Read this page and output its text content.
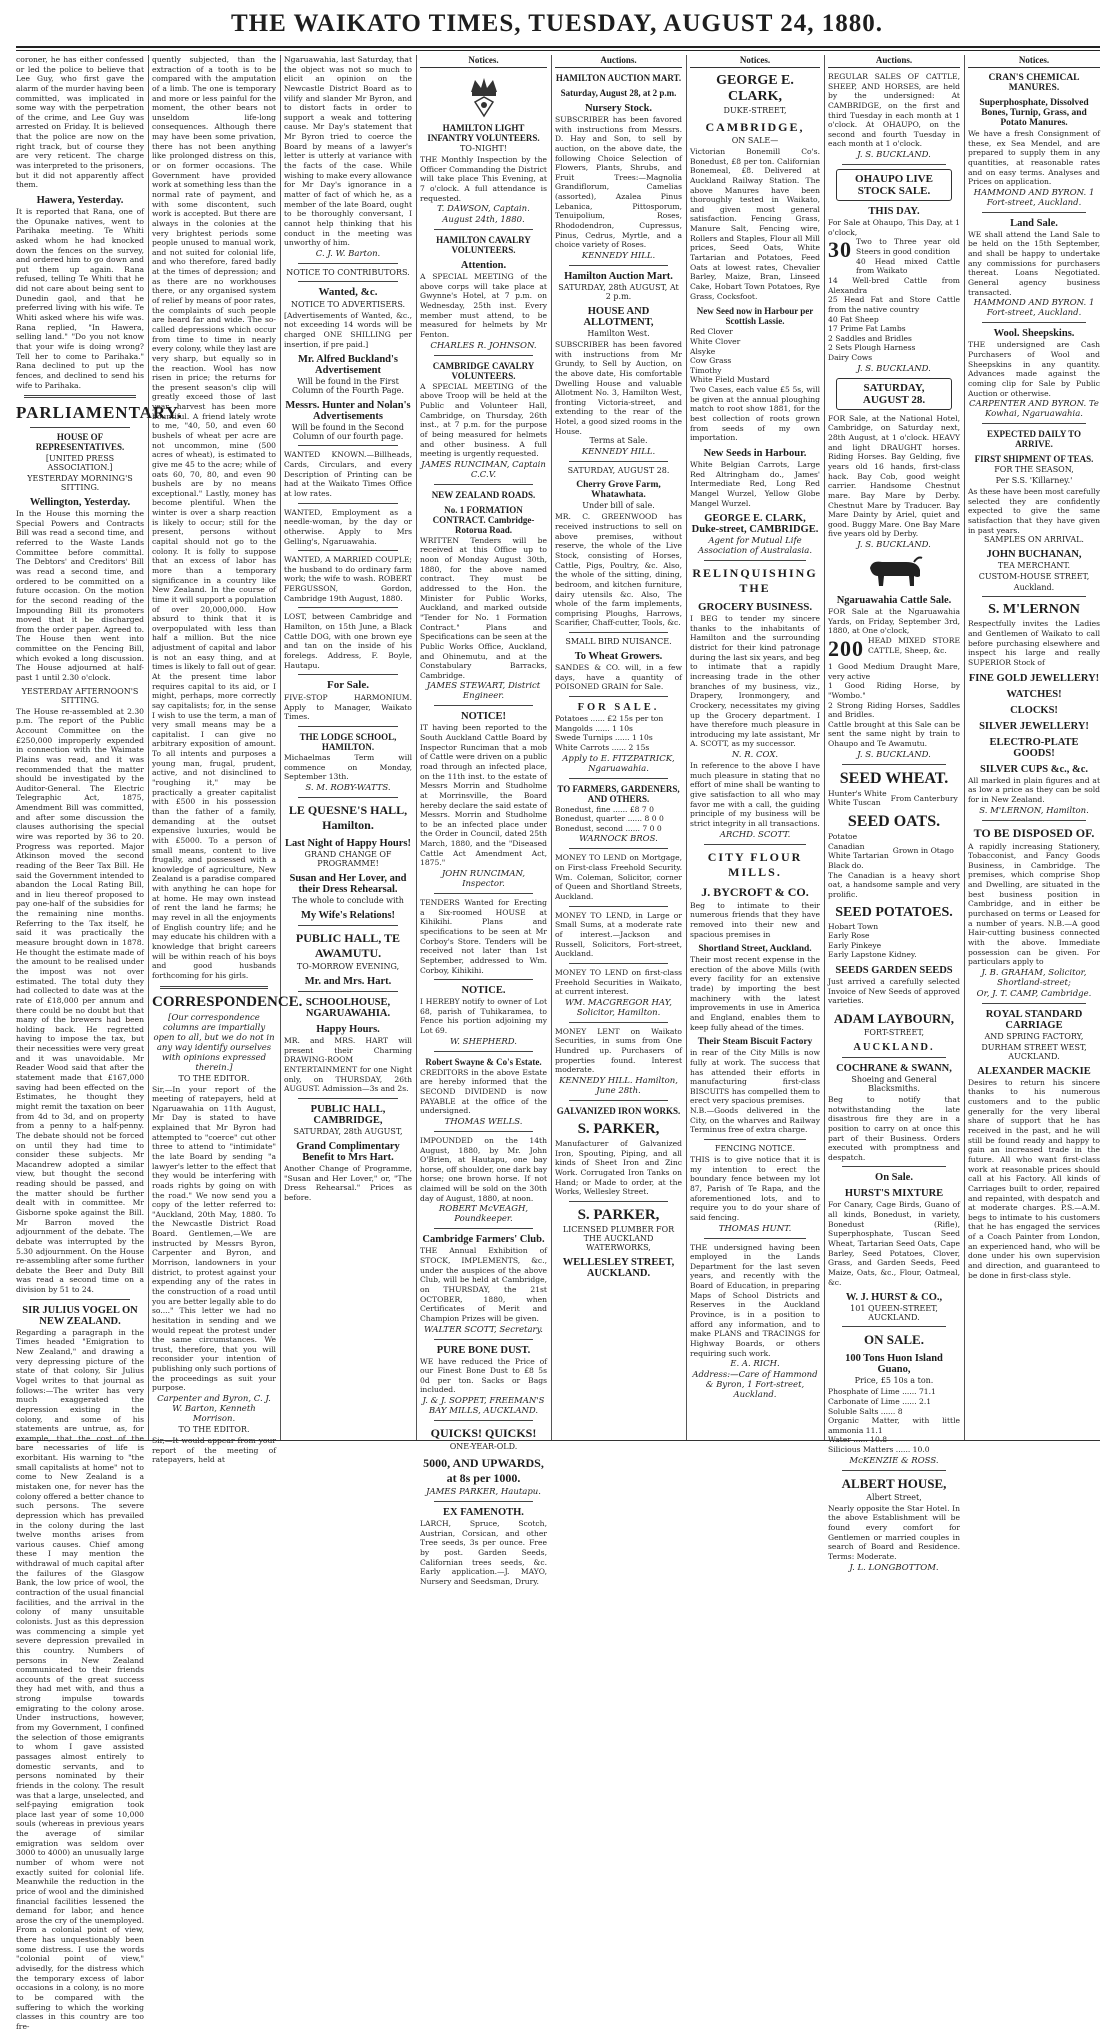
THE WAIKATO TIMES, TUESDAY, AUGUST 24, 1880.

coroner, he has either confessed or led the police to believe that Lee Guy, who first gave the alarm of the murder having been committed, was implicated in some way with the perpetration of the crime, and Lee Guy was arrested on Friday. It is believed that the police are now on the right track, but of course they are very reticent. The charge was interpreted to the prisoners, but it did not apparently affect them.

Hawera, Yesterday.

It is reported that Rana, one of the Opunake natives, went to Parihaka meeting. Te Whiti asked whom he had knocked down the fences on the survey, and ordered him to go down and put them up again. Rana refused, telling Te Whiti that he did not care about being sent to Dunedin gaol, and that he preferred living with his wife. Te Whiti asked where his wife was. Rana replied, "In Hawera, selling land." "Do you not know that your wife is doing wrong? Tell her to come to Parihaka." Rana declined to put up the fences, and declined to send his wife to Parihaka.

PARLIAMENTARY.
HOUSE OF REPRESENTATIVES.
[UNITED PRESS ASSOCIATION.]
YESTERDAY MORNING'S SITTING.
Wellington, Yesterday.

In the House this morning the Special Powers and Contracts Bill was read a second time, and referred to the Waste Lands Committee before committal. The Debtors' and Creditors' Bill was read a second time, and ordered to be committed on a future occasion. On the motion for the second reading of the Impounding Bill its promoters moved that it be discharged from the order paper. Agreed to. The House then went into committee on the Fencing Bill, which evoked a long discussion. The House adjourned at half-past 1 until 2.30 o'clock.

YESTERDAY AFTERNOON'S SITTING.

The House re-assembled at 2.30 p.m. The report of the Public Account Committee on the £250,000 improperly expended in connection with the Waimate Plains was read, and it was recommended that the matter should be investigated by the Auditor-General. The Electric Telegraphic Act, 1875, Amendment Bill was committed, and after some discussion the clauses authorising the special wire was reported by 36 to 20. Progress was reported. Major Atkinson moved the second reading of the Beer Tax Bill. He said the Government intended to abandon the Local Rating Bill, and in lieu thereof proposed to pay one-half of the subsidies for the remaining nine months. Referring to the Tax itself, he said it was practically the measure brought down in 1878. He thought the estimate made of the amount to be realised under the impost was not over estimated. The total duty they had collected to date was at the rate of £18,000 per annum and there could be no doubt but that many of the brewers had been holding back. He regretted having to impose the tax, but their necessities were very great and it was unavoidable. Mr Reader Wood said that after the statement made that £167,000 saving had been effected on the Estimates, he thought they might remit the taxation on beer from 4d to 3d, and on property from a penny to a half-penny. The debate should not be forced on until they had time to consider these subjects. Mr Macandrew adopted a similar view, but thought the second reading should be passed, and the matter should be further dealt with in committee. Mr Gisborne spoke against the Bill. Mr Barron moved the adjournment of the debate. The debate was interrupted by the 5.30 adjournment. On the House re-assembling after some further debate the Beer and Duty Bill was read a second time on a division by 51 to 24.

SIR JULIUS VOGEL ON NEW ZEALAND.

Regarding a paragraph in the Times headed "Emigration to New Zealand," and drawing a very depressing picture of the state of that colony, Sir Julius Vogel writes to that journal as follows:—The writer has very much exaggerated the depression existing in the colony, and some of his statements are untrue, as, for example, that the cost of the bare necessaries of life is exorbitant. His warning to "the small capitalists at home" not to come to New Zealand is a mistaken one, for never has the colony offered a better chance to such persons. The severe depression which has prevailed in the colony during the last twelve months arises from various causes. Chief among these I may mention the withdrawal of much capital after the failures of the Glasgow Bank, the low price of wool, the contraction of the usual financial facilities, and the arrival in the colony of many unsuitable colonists. Just as this depression was commencing a simple yet severe depression prevailed in this country. Numbers of persons in New Zealand communicated to their friends accounts of the great success they had met with, and thus a strong impulse towards emigrating to the colony arose. Under instructions, however, from my Government, I confined the selection of those emigrants to whom I gave assisted passages almost entirely to domestic servants, and to persons nominated by their friends in the colony. The result was that a large, unselected, and self-paying emigration took place last year of some 10,000 souls (whereas in previous years the average of similar emigration was seldom over 3000 to 4000) an unusually large number of whom were not exactly suited for colonial life. Meanwhile the reduction in the price of wool and the diminished financial facilities lessened the demand for labor, and hence arose the cry of the unemployed. From a colonial point of view, there has unquestionably been some distress. I use the words "colonial point of view," advisedly, for the distress which the temporary excess of labor occasions in a colony, is no more to be compared with the suffering to which the working classes in this country are too fre-

quently subjected, than the extraction of a tooth is to be compared with the amputation of a limb. The one is temporary and more or less painful for the moment, the other bears not unseldom life-long consequences. Although there may have been some privation, there has not been anything like prolonged distress on this, or on former occasions. The Government have provided work at something less than the normal rate of payment, and with some discontent, such work is accepted. But there are always in the colonies at the very brightest periods some people unused to manual work, and not suited for colonial life, and who therefore, fared badly at the times of depression; and as there are no workhouses there, or any organised system of relief by means of poor rates, the complaints of such people are heard far and wide. The so-called depressions which occur from time to time in nearly every colony, while they last are very sharp, but equally so in the reaction. Wool has now risen in price; the returns for the present season's clip will greatly exceed those of last year, harvest has been more bountiful. A friend lately wrote to me, "40, 50, and even 60 bushels of wheat per acre are not uncommon, mine (500 acres of wheat), is estimated to give me 45 to the acre; while of oats 60, 70, 80, and even 90 bushels are by no means exceptional." Lastly, money has become plentiful. When the winter is over a sharp reaction is likely to occur; still for the present, persons without capital should not go to the colony. It is folly to suppose that an excess of labor has more than a temporary significance in a country like New Zealand. In the course of time it will support a population of over 20,000,000. How absurd to think that it is overpopulated with less than half a million. But the nice adjustment of capital and labor is not an easy thing, and at times is likely to fall out of gear. At the present time labor requires capital to its aid, or I might, perhaps, more correctly say capitalists; for, in the sense I wish to use the term, a man of very small means may be a capitalist. I can give no arbitrary exposition of amount. To all intents and purposes a young man, frugal, prudent, active, and not disinclined to "roughing it," may be practically a greater capitalist with £500 in his possession than the father of a family, demanding at the outset expensive luxuries, would be with £5000. To a person of small means, content to live frugally, and possessed with a knowledge of agriculture, New Zealand is a paradise compared with anything he can hope for at home. He may own instead of rent the land he farms; he may revel in all the enjoyments of English country life; and he may educate his children with a knowledge that bright careers will be within reach of his boys and good husbands forthcoming for his girls.

CORRESPONDENCE.
[Our correspondence columns are impartially open to all, but we do not in any way identify ourselves with opinions expressed therein.]
TO THE EDITOR.

Sir,—In your report of the meeting of ratepayers, held at Ngaruawahia on 11th August, Mr Day is stated to have explained that Mr Byron had attempted to "coerce" cut other three to attend to "intimidate" the late Board by sending "a lawyer's letter to the effect that they would be interfering with roads rights by going on with the road." We now send you a copy of the letter referred to: "Auckland, 20th May, 1880. To the Newcastle District Road Board. Gentlemen,—We are instructed by Messrs Byron, Carpenter and Byron, and Morrison, landowners in your district, to protest against your expending any of the rates in the construction of a road until you are better legally able to do so...." This letter we had no hesitation in sending and we would repeat the protest under the same circumstances. We trust, therefore, that you will reconsider your intention of publishing only such portions of the proceedings as suit your purpose.

Carpenter and Byron, C. J. W. Barton, Kenneth Morrison.
TO THE EDITOR.

Sir,—It would appear from your report of the meeting of ratepayers, held at

Ngaruawahia, last Saturday, that the object was not so much to elicit an opinion on the Newcastle District Board as to vilify and slander Mr Byron, and to distort facts in order to support a weak and tottering cause. Mr Day's statement that Mr Byron tried to coerce the Board by means of a lawyer's letter is utterly at variance with the facts of the case. While wishing to make every allowance for Mr Day's ignorance in a matter of fact of which he, as a member of the late Board, ought to be thoroughly conversant, I cannot help thinking that his conduct in the meeting was unworthy of him.

C. J. W. Barton.
NOTICE TO CONTRIBUTORS.
Wanted, &c.
NOTICE TO ADVERTISERS.

[Advertisements of Wanted, &c., not exceeding 14 words will be charged ONE SHILLING per insertion, if pre paid.]

Mr. Alfred Buckland's Advertisement
Will be found in the First Column of the Fourth Page.
Messrs. Hunter and Nolan's Advertisements
Will be found in the Second Column of our fourth page.

WANTED KNOWN.—Billheads, Cards, Circulars, and every Description of Printing can be had at the Waikato Times Office at low rates.

WANTED, Employment as a needle-woman, by the day or otherwise. Apply to Mrs Gelling's, Ngaruawahia.

WANTED, A MARRIED COUPLE; the husband to do ordinary farm work; the wife to wash. ROBERT FERGUSSON, Gordon, Cambridge 19th August, 1880.

LOST, between Cambridge and Hamilton, on 15th June, a Black Cattle DOG, with one brown eye and tan on the inside of his forelegs. Address, F. Boyle, Hautapu.

For Sale.

FIVE-STOP HARMONIUM. Apply to Manager, Waikato Times.

THE LODGE SCHOOL, HAMILTON.

Michaelmas Term will commence on Monday, September 13th.

S. M. ROBY-WATTS.
LE QUESNE'S HALL, Hamilton.
Last Night of Happy Hours!
GRAND CHANGE OF PROGRAMME!
Susan and Her Lover, and their Dress Rehearsal.
The whole to conclude with
My Wife's Relations!
PUBLIC HALL, TE AWAMUTU.
TO-MORROW EVENING,
Mr. and Mrs. Hart.
SCHOOLHOUSE, NGARUAWAHIA.
Happy Hours.

MR. and MRS. HART will present their Charming DRAWING-ROOM ENTERTAINMENT for one Night only, on THURSDAY, 26th AUGUST. Admission—3s and 2s.

PUBLIC HALL, CAMBRIDGE,
SATURDAY, 28th AUGUST,
Grand Complimentary Benefit to Mrs Hart.

Another Change of Programme, "Susan and Her Lover," or, "The Dress Rehearsal." Prices as before.

Notices.
HAMILTON LIGHT INFANTRY VOLUNTEERS.
TO-NIGHT!

THE Monthly Inspection by the Officer Commanding the District will take place This Evening, at 7 o'clock. A full attendance is requested.

T. DAWSON, Captain.
August 24th, 1880.
HAMILTON CAVALRY VOLUNTEERS.
Attention.

A SPECIAL MEETING of the above corps will take place at Gwynne's Hotel, at 7 p.m. on Wednesday, 25th inst. Every member must attend, to be measured for helmets by Mr Fenton.

CHARLES R. JOHNSON.
CAMBRIDGE CAVALRY VOLUNTEERS.

A SPECIAL MEETING of the above Troop will be held at the Public and Volunteer Hall, Cambridge, on Thursday, 26th inst., at 7 p.m. for the purpose of being measured for helmets and other business. A full meeting is urgently requested.

JAMES RUNCIMAN, Captain C.C.V.
NEW ZEALAND ROADS.
No. 1 FORMATION CONTRACT. Cambridge-Rotorua Road.

WRITTEN Tenders will be received at this Office up to noon of Monday August 30th, 1880, for the above named contract. They must be addressed to the Hon. the Minister for Public Works, Auckland, and marked outside "Tender for No. 1 Formation Contract." Plans and Specifications can be seen at the Public Works Office, Auckland, and Ohinemutu, and at the Constabulary Barracks, Cambridge.

JAMES STEWART, District Engineer.
NOTICE!

IT having been reported to the South Auckland Cattle Board by Inspector Runciman that a mob of Cattle were driven on a public road through an infected place, on the 11th inst. to the estate of Messrs Morrin and Studholme at Morrinsville, the Board hereby declare the said estate of Messrs. Morrin and Studholme to be an infected place under the Order in Council, dated 25th March, 1880, and the "Diseased Cattle Act Amendment Act, 1875."

JOHN RUNCIMAN, Inspector.

TENDERS Wanted for Erecting a Six-roomed HOUSE at Kihikihi. Plans and specifications to be seen at Mr Corboy's Store. Tenders will be received not later than 1st September, addressed to Wm. Corboy, Kihikihi.

NOTICE.

I HEREBY notify to owner of Lot 68, parish of Tuhikaramea, to Fence his portion adjoining my Lot 69.

W. SHEPHERD.
Robert Swayne & Co's Estate.

CREDITORS in the above Estate are hereby informed that the SECOND DIVIDEND is now PAYABLE at the office of the undersigned.

THOMAS WELLS.

IMPOUNDED on the 14th August, 1880, by Mr. John O'Brien, at Hautapu, one bay horse, off shoulder, one dark bay horse; one brown horse. If not claimed will be sold on the 30th day of August, 1880, at noon.

ROBERT McVEAGH, Poundkeeper.
Cambridge Farmers' Club.

THE Annual Exhibition of STOCK, IMPLEMENTS, &c., under the auspices of the above Club, will be held at Cambridge, on THURSDAY, the 21st OCTOBER, 1880, when Certificates of Merit and Champion Prizes will be given.

WALTER SCOTT, Secretary.
PURE BONE DUST.

WE have reduced the Price of our Finest Bone Dust to £8 5s 0d per ton. Sacks or Bags included.

J. & J. SOPPET, FREEMAN'S BAY MILLS, AUCKLAND.
QUICKS! QUICKS!
ONE-YEAR-OLD.
5000, AND UPWARDS, at 8s per 1000.
JAMES PARKER, Hautapu.
EX FAMENOTH.

LARCH, Spruce, Scotch, Austrian, Corsican, and other Tree seeds, 3s per ounce. Free by post. Garden Seeds, Californian trees seeds, &c. Early application.—J. MAYO, Nursery and Seedsman, Drury.

Auctions.
HAMILTON AUCTION MART.
Saturday, August 28, at 2 p.m.
Nursery Stock.

SUBSCRIBER has been favored with instructions from Messrs. D. Hay and Son, to sell by auction, on the above date, the following Choice Selection of Flowers, Plants, Shrubs, and Fruit Trees:—Magnolia Grandiflorum, Camelias (assorted), Azalea Pinus Lebanica, Pittosporum, Tenuipolium, Roses, Rhododendron, Cupressus, Pinus, Cedrus, Myrtle, and a choice variety of Roses.

KENNEDY HILL.
Hamilton Auction Mart.
SATURDAY, 28th AUGUST, At 2 p.m.
HOUSE AND ALLOTMENT,
Hamilton West.

SUBSCRIBER has been favored with instructions from Mr Grundy, to Sell by Auction, on the above date, His comfortable Dwelling House and valuable Allotment No. 3, Hamilton West, fronting Victoria-street, and extending to the rear of the Hotel, a good sized rooms in the House.

Terms at Sale.
KENNEDY HILL.
SATURDAY, AUGUST 28.
Cherry Grove Farm, Whatawhata.
Under bill of sale.

MR. C. GREENWOOD has received instructions to sell on above premises, without reserve, the whole of the Live Stock, consisting of Horses, Cattle, Pigs, Poultry, &c. Also, the whole of the sitting, dining, bedroom, and kitchen furniture, dairy utensils &c. Also, The whole of the farm implements, comprising Ploughs, Harrows, Scarifier, Chaff-cutter, Tools, &c.

SMALL BIRD NUISANCE.
To Wheat Growers.

SANDES & CO. will, in a few days, have a quantity of POISONED GRAIN for Sale.

FOR SALE.

Potatoes ...... £2 15s per ton

Mangolds ...... 1 10s

Swede Turnips ...... 1 10s

White Carrots ...... 2 15s

Apply to E. FITZPATRICK, Ngaruawahia.
TO FARMERS, GARDENERS, AND OTHERS.

Bonedust, fine ...... £8 7 0

Bonedust, quarter ...... 8 0 0

Bonedust, second ...... 7 0 0

WARNOCK BROS.

MONEY TO LEND on Mortgage, on First-class Freehold Security. Wm. Coleman, Solicitor, corner of Queen and Shortland Streets, Auckland.

MONEY TO LEND, in Large or Small Sums, at a moderate rate of interest.—Jackson and Russell, Solicitors, Fort-street, Auckland.

MONEY TO LEND on first-class Freehold Securities in Waikato, at current interest.

WM. MACGREGOR HAY, Solicitor, Hamilton.

MONEY LENT on Waikato Securities, in sums from One Hundred up. Purchasers of properties found. Interest moderate.

KENNEDY HILL. Hamilton, June 28th.
GALVANIZED IRON WORKS.
S. PARKER,

Manufacturer of Galvanized Iron, Spouting, Piping, and all kinds of Sheet Iron and Zinc Work. Corrugated Iron Tanks on Hand; or Made to order, at the Works, Wellesley Street.

S. PARKER,
LICENSED PLUMBER FOR THE AUCKLAND WATERWORKS,
WELLESLEY STREET, AUCKLAND.
Notices.
GEORGE E. CLARK,
DUKE-STREET,
CAMBRIDGE,
ON SALE—

Victorian Bonemill Co's. Bonedust, £8 per ton. Californian Bonemeal, £8. Delivered at Auckland Railway Station. The above Manures have been thoroughly tested in Waikato, and given most general satisfaction. Fencing Grass, Manure Salt, Fencing wire, Rollers and Staples, Flour all Mill prices, Seed Oats, White Tartarian and Potatoes, Feed Oats at lowest rates, Chevalier Barley, Maize, Bran, Linseed Cake, Hobart Town Potatoes, Rye Grass, Cocksfoot.

New Seed now in Harbour per Scottish Lassie.

Red Clover

White Clover

Alsyke

Cow Grass

Timothy

White Field Mustard

Two Cases, each value £5 5s, will be given at the annual ploughing match to root show 1881, for the best collection of roots grown from seeds of my own importation.

New Seeds in Harbour.

White Belgian Carrots, Large Red Altringham do., James' Intermediate Red, Long Red Mangel Wurzel, Yellow Globe Mangel Wurzel.

GEORGE E. CLARK, Duke-street, CAMBRIDGE.
Agent for Mutual Life Association of Australasia.
RELINQUISHING THE
GROCERY BUSINESS.

I BEG to tender my sincere thanks to the inhabitants of Hamilton and the surrounding district for their kind patronage during the last six years, and beg to intimate that a rapidly increasing trade in the other branches of my business, viz., Drapery, Ironmongery, and Crockery, necessitates my giving up the Grocery department. I have therefore much pleasure in introducing my late assistant, Mr A. SCOTT, as my successor.

N. R. COX.

In reference to the above I have much pleasure in stating that no effort of mine shall be wanting to give satisfaction to all who may favor me with a call, the guiding principle of my business will be strict integrity in all transactions.

ARCHD. SCOTT.
CITY FLOUR MILLS.
J. BYCROFT & CO.

Beg to intimate to their numerous friends that they have removed into their new and spacious premises in

Shortland Street, Auckland.

Their most recent expense in the erection of the above Mills (with every facility for an extensive trade) by importing the best machinery with the latest improvements in use in America and England, enables them to keep fully ahead of the times.

Their Steam Biscuit Factory

in rear of the City Mills is now fully at work. The success that has attended their efforts in manufacturing first-class BISCUITS has compelled them to erect very spacious premises.

N.B.—Goods delivered in the City, on the wharves and Railway Terminus free of extra charge.

FENCING NOTICE.

THIS is to give notice that it is my intention to erect the boundary fence between my lot 87, Parish of Te Rapa, and the aforementioned lots, and to require you to do your share of said fencing.

THOMAS HUNT.

THE undersigned having been employed in the Lands Department for the last seven years, and recently with the Board of Education, in preparing Maps of School Districts and Reserves in the Auckland Province, is in a position to afford any information, and to make PLANS and TRACINGS for Highway Boards, or others requiring such work.

E. A. RICH.
Address:—Care of Hammond & Byron, 1 Fort-street, Auckland.
Auctions.

REGULAR SALES OF CATTLE, SHEEP, AND HORSES, are held by the undersigned: At CAMBRIDGE, on the first and third Tuesday in each month at 1 o'clock. At OHAUPO, on the second and fourth Tuesday in each month at 1 o'clock.

J. S. BUCKLAND.
OHAUPO LIVE STOCK SALE.
THIS DAY.

For Sale at Ohaupo, This Day, at 1 o'clock,

30 Two to Three year old Steers in good condition

40 Head mixed Cattle from Waikato

14 Well-bred Cattle from Alexandra

25 Head Fat and Store Cattle from the native country

40 Fat Sheep

17 Prime Fat Lambs

2 Saddles and Bridles

2 Sets Plough Harness

Dairy Cows

J. S. BUCKLAND.
SATURDAY, AUGUST 28.

FOR Sale, at the National Hotel, Cambridge, on Saturday next, 28th August, at 1 o'clock. HEAVY and light DRAUGHT horses. Riding Horses. Bay Gelding, five years old 16 hands, first-class hack. Bay Cob, good weight carrier. Handsome Chestnut mare. Bay Mare by Derby. Chestnut Mare by Traducer. Bay Mare Dainty by Ariel, quiet and good. Buggy Mare. One Bay Mare five years old by Derby.

J. S. BUCKLAND.
Ngaruawahia Cattle Sale.

FOR Sale at the Ngaruawahia Yards, on Friday, September 3rd, 1880, at One o'clock,

200 HEAD MIXED STORE CATTLE, Sheep, &c.

1 Good Medium Draught Mare, very active

1 Good Riding Horse, by "Wombo."

2 Strong Riding Horses, Saddles and Bridles.

Cattle brought at this Sale can be sent the same night by train to Ohaupo and Te Awamutu.

J. S. BUCKLAND.
SEED WHEAT.

Hunter's White

White Tuscan

From Canterbury

SEED OATS.

Potatoe

Canadian

White Tartarian

Black do.

Grown in Otago

The Canadian is a heavy short oat, a handsome sample and very prolific.

SEED POTATOES.

Hobart Town

Early Rose

Early Pinkeye

Early Lapstone Kidney.

SEEDS GARDEN SEEDS

Just arrived a carefully selected Invoice of New Seeds of approved varieties.

ADAM LAYBOURN,
FORT-STREET,
AUCKLAND.
COCHRANE & SWANN,
Shoeing and General Blacksmiths.

Beg to notify that notwithstanding the late disastrous fire they are in a position to carry on at once this part of their Business. Orders executed with promptness and despatch.

On Sale.
HURST'S MIXTURE

For Canary, Cage Birds, Guano of all kinds, Bonedust, in variety, Bonedust (Rifle), Superphosphate, Tuscan Seed Wheat, Tartarian Seed Oats, Cape Barley, Seed Potatoes, Clover, Grass, and Garden Seeds, Feed Maize, Oats, &c., Flour, Oatmeal, &c.

W. J. HURST & CO.,
101 QUEEN-STREET, AUCKLAND.
ON SALE.
100 Tons Huon Island Guano,
Price, £5 10s a ton.

Phosphate of Lime ...... 71.1

Carbonate of Lime ...... 2.1

Soluble Salts ...... 8

Organic Matter, with little ammonia 11.1

Water ...... 10.8

Silicious Matters ...... 10.0

McKENZIE & ROSS.
ALBERT HOUSE,
Albert Street,

Nearly opposite the Star Hotel. In the above Establishment will be found every comfort for Gentlemen or married couples in search of Board and Residence. Terms: Moderate.

J. L. LONGBOTTOM.
Notices.
CRAN'S CHEMICAL MANURES.
Superphosphate, Dissolved Bones, Turnip, Grass, and Potato Manures.

We have a fresh Consignment of these, ex Sea Mendel, and are prepared to supply them in any quantities, at reasonable rates and on easy terms. Analyses and Prices on application.

HAMMOND AND BYRON. 1 Fort-street, Auckland.
Land Sale.

WE shall attend the Land Sale to be held on the 15th September, and shall be happy to undertake any commissions for purchasers thereat. Loans Negotiated. General agency business transacted.

HAMMOND AND BYRON. 1 Fort-street, Auckland.
Wool. Sheepskins.

THE undersigned are Cash Purchasers of Wool and Sheepskins in any quantity. Advances made against the coming clip for Sale by Public Auction or otherwise.

CARPENTER AND BYRON. Te Kowhai, Ngaruawahia.
EXPECTED DAILY TO ARRIVE.
FIRST SHIPMENT OF TEAS.
FOR THE SEASON,
Per S.S. 'Killarney.'

As these have been most carefully selected they are confidently expected to give the same satisfaction that they have given in past years.

SAMPLES ON ARRIVAL.
JOHN BUCHANAN,
TEA MERCHANT.
CUSTOM-HOUSE STREET,
Auckland.
S. M'LERNON

Respectfully invites the Ladies and Gentlemen of Waikato to call before purchasing elsewhere and inspect his large and really SUPERIOR Stock of

FINE GOLD JEWELLERY!
WATCHES!
CLOCKS!
SILVER JEWELLERY!
ELECTRO-PLATE GOODS!
SILVER CUPS &c., &c.

All marked in plain figures and at as low a price as they can be sold for in New Zealand.

S. M'LERNON, Hamilton.
TO BE DISPOSED OF.

A rapidly increasing Stationery, Tobacconist, and Fancy Goods Business, in Cambridge. The premises, which comprise Shop and Dwelling, are situated in the best business position in Cambridge, and in either be purchased on terms or Leased for a number of years. N.B.—A good Hair-cutting business connected with the above. Immediate possession can be given. For particulars apply to

J. B. GRAHAM, Solicitor, Shortland-street;
Or, J. T. CAMP, Cambridge.
ROYAL STANDARD CARRIAGE
AND SPRING FACTORY,
DURHAM STREET WEST, AUCKLAND.
ALEXANDER MACKIE

Desires to return his sincere thanks to his numerous customers and to the public generally for the very liberal share of support that he has received in the past, and he will still be found ready and happy to gain an increased trade in the future. All who want first-class work at reasonable prices should call at his Factory. All kinds of Carriages built to order, repaired and repainted, with despatch and at moderate charges. P.S.—A.M. begs to intimate to his customers that he has engaged the services of a Coach Painter from London, an experienced hand, who will be done under his own supervision and direction, and guaranteed to be done in first-class style.
